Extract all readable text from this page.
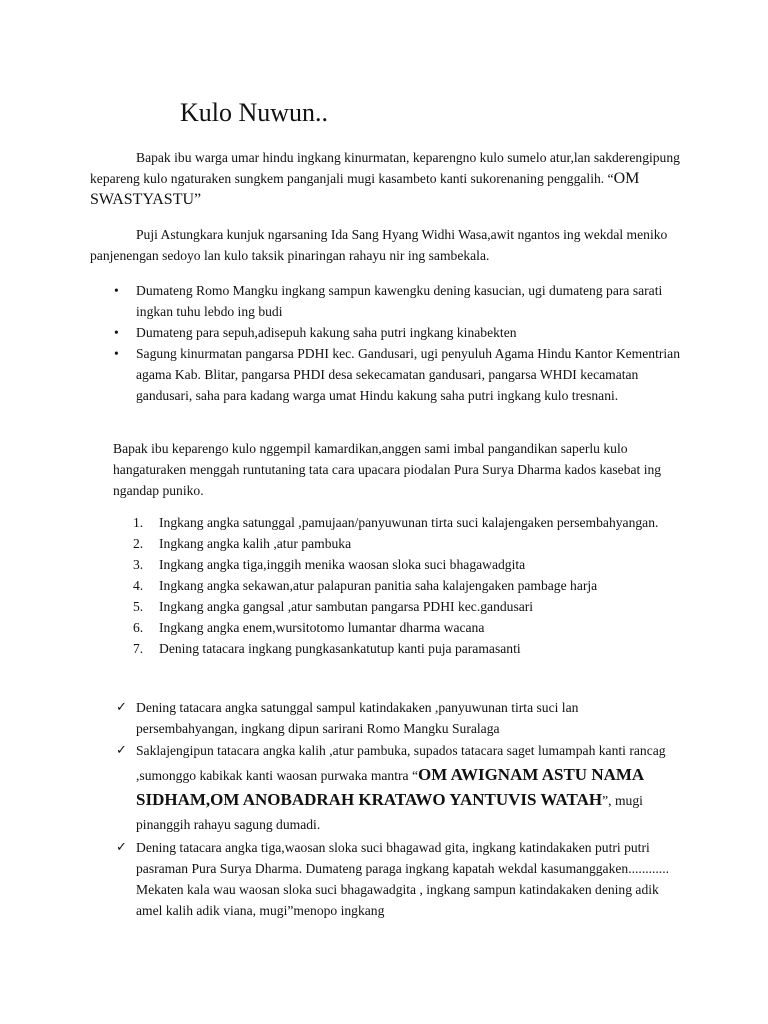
Kulo Nuwun..

Bapak ibu warga umar hindu ingkang kinurmatan, keparengno kulo sumelo atur,lan sakderengipung kepareng kulo ngaturaken sungkem panganjali mugi kasambeto kanti sukorenaning penggalih. “OM SWASTYASTU”

Puji Astungkara kunjuk ngarsaning Ida Sang Hyang Widhi Wasa,awit ngantos ing wekdal meniko panjenengan sedoyo lan kulo taksik pinaringan rahayu nir ing sambekala.

• Dumateng Romo Mangku ingkang sampun kawengku dening kasucian, ugi dumateng para sarati ingkan tuhu lebdo ing budi
• Dumateng para sepuh,adisepuh kakung saha putri ingkang kinabekten
• Sagung kinurmatan pangarsa PDHI kec. Gandusari, ugi penyuluh Agama Hindu Kantor Kementrian agama Kab. Blitar, pangarsa PHDI desa sekecamatan gandusari, pangarsa WHDI kecamatan gandusari, saha para kadang warga umat Hindu kakung saha putri ingkang kulo tresnani.

Bapak ibu keparengo kulo nggempil kamardikan,anggen sami imbal pangandikan saperlu kulo hangaturaken menggah runtutaning tata cara upacara piodalan Pura Surya Dharma kados kasebat ing ngandap puniko.

1. Ingkang angka satunggal ,pamujaan/panyuwunan tirta suci kalajengaken persembahyangan.
2. Ingkang angka kalih ,atur pambuka
3. Ingkang angka tiga,inggih menika waosan sloka suci bhagawadgita
4. Ingkang angka sekawan,atur palapuran panitia saha kalajengaken pambage harja
5. Ingkang angka gangsal ,atur sambutan pangarsa PDHI kec.gandusari
6. Ingkang angka enem,wursitotomo lumantar dharma wacana
7. Dening tatacara ingkang pungkasankatutup kanti puja paramasanti
✓ Dening tatacara angka satunggal sampul katindakaken ,panyuwunan tirta suci lan persembahyangan, ingkang dipun sarirani Romo Mangku Suralaga
✓ Saklajengipun tatacara angka kalih ,atur pambuka, supados tatacara saget lumampah kanti rancag ,sumonggo kabikak kanti waosan purwaka mantra “OM AWIGNAM ASTU NAMA SIDHAM,OM ANOBADRAH KRATAWO YANTUVIS WATAH”, mugi pinanggih rahayu sagung dumadi.
✓ Dening tatacara angka tiga,waosan sloka suci bhagawad gita, ingkang katindakaken putri putri pasraman Pura Surya Dharma. Dumateng paraga ingkang kapatah wekdal kasumanggaken............ Mekaten kala wau waosan sloka suci bhagawadgita , ingkang sampun katindakaken dening adik amel kalih adik viana, mugi”menopo ingkang
